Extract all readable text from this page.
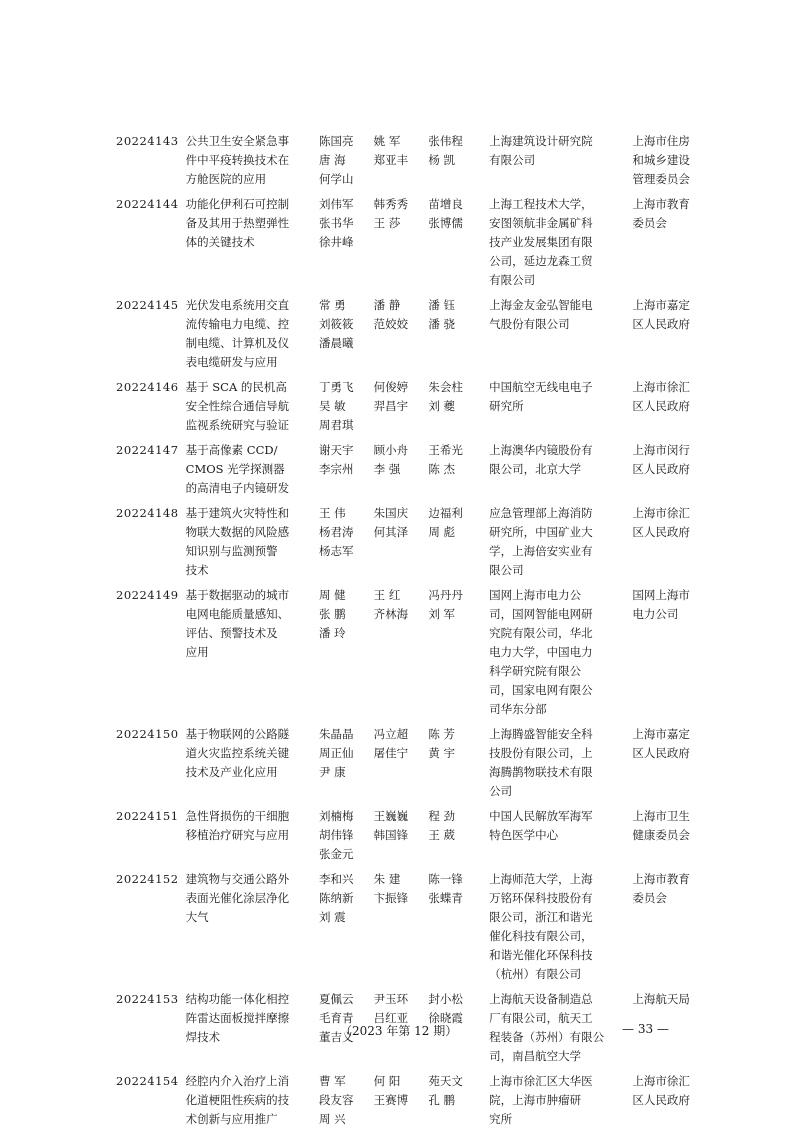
20224143 公共卫生安全紧急事
件中平疫转换技术在
方舱医院的应用
陈国亮
唐 海
何学山
姚 军
郑亚丰
张伟程
杨 凯
上海建筑设计研究院
有限公司
上海市住房
和城乡建设
管理委员会
20224144 功能化伊利石可控制
备及其用于热塑弹性
体的关键技术
刘伟军
张书华
徐井峰
韩秀秀
王 莎
苗增良
张博儒
上海工程技术大学，
安图领航非金属矿科
技产业发展集团有限
公司，延边龙森工贸
有限公司
上海市教育
委员会
20224145 光伏发电系统用交直
流传输电力电缆、控
制电缆、计算机及仪
表电缆研发与应用
常 勇
刘筱筱
潘晨曦
潘 静
范姣姣
潘 钰
潘 骁
上海金友金弘智能电
气股份有限公司
上海市嘉定
区人民政府
20224146 基于 SCA 的民机高
安全性综合通信导航
监视系统研究与验证
丁勇飞
吴 敏
周君琪
何俊婷
羿昌宇
朱会柱
刘 夔
中国航空无线电电子
研究所
上海市徐汇
区人民政府
20224147 基于高像素 CCD/
CMOS 光学探测器
的高清电子内镜研发
谢天宇
李宗州
顾小舟
李 强
王希光
陈 杰
上海澳华内镜股份有
限公司，北京大学
上海市闵行
区人民政府
20224148 基于建筑火灾特性和
物联大数据的风险感
知识别与监测预警
技术
王 伟
杨君涛
杨志军
朱国庆
何其泽
边福利
周 彪
应急管理部上海消防
研究所，中国矿业大
学，上海倍安实业有
限公司
上海市徐汇
区人民政府
20224149 基于数据驱动的城市
电网电能质量感知、
评估、预警技术及
应用
周 健
张 鹏
潘 玲
王 红
齐林海
冯丹丹
刘 军
国网上海市电力公
司，国网智能电网研
究院有限公司，华北
电力大学，中国电力
科学研究院有限公
司，国家电网有限公
司华东分部
国网上海市
电力公司
20224150 基于物联网的公路隧
道火灾监控系统关键
技术及产业化应用
朱晶晶
周正仙
尹 康
冯立超
屠佳宁
陈 芳
黄 宇
上海腾盛智能安全科
技股份有限公司，上
海腾鹊物联技术有限
公司
上海市嘉定
区人民政府
20224151 急性肾损伤的干细胞
移植治疗研究与应用
刘楠梅
胡伟锋
张金元
王巍巍
韩国锋
程 劲
王 葳
中国人民解放军海军
特色医学中心
上海市卫生
健康委员会
20224152 建筑物与交通公路外
表面光催化涂层净化
大气
李和兴
陈纳新
刘 震
朱 建
卞振锋
陈一锋
张蝶青
上海师范大学，上海
万铭环保科技股份有
限公司，浙江和谐光
催化科技有限公司，
和谐光催化环保科技
（杭州）有限公司
上海市教育
委员会
20224153 结构功能一体化相控
阵雷达面板搅拌摩擦
焊技术
夏佩云
毛育青
董吉义
尹玉环
吕红亚
封小松
徐晓霞
上海航天设备制造总
厂有限公司，航天工
程装备（苏州）有限公
司，南昌航空大学
上海航天局
20224154 经腔内介入治疗上消
化道梗阻性疾病的技
术创新与应用推广
曹 军
段友容
周 兴
何 阳
王赛博
苑天文
孔 鹏
上海市徐汇区大华医
院，上海市肿瘤研
究所
上海市徐汇
区人民政府
（2023 年第 12 期）	— 33 —
